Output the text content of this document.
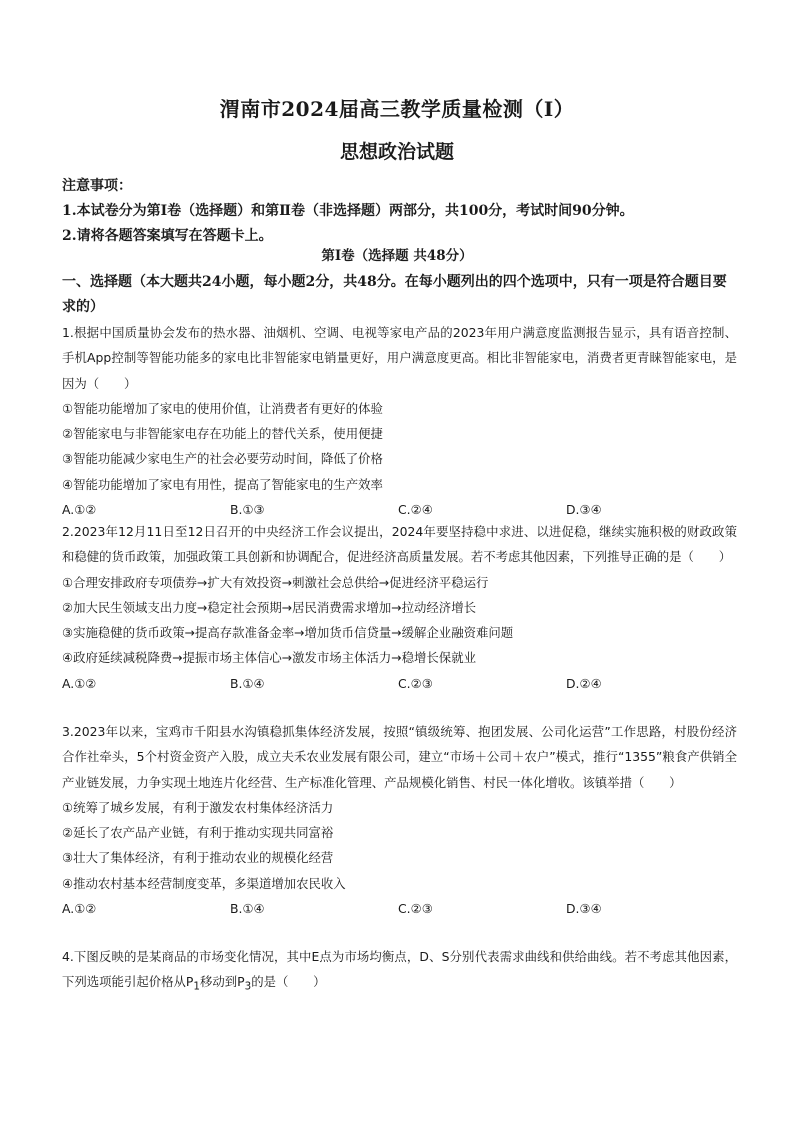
渭南市2024届高三教学质量检测（Ⅰ）
思想政治试题
注意事项：
1.本试卷分为第Ⅰ卷（选择题）和第Ⅱ卷（非选择题）两部分，共100分，考试时间90分钟。
2.请将各题答案填写在答题卡上。
第Ⅰ卷（选择题 共48分）
一、选择题（本大题共24小题，每小题2分，共48分。在每小题列出的四个选项中，只有一项是符合题目要求的）
1.根据中国质量协会发布的热水器、油烟机、空调、电视等家电产品的2023年用户满意度监测报告显示，具有语音控制、手机App控制等智能功能多的家电比非智能家电销量更好，用户满意度更高。相比非智能家电，消费者更青睐智能家电，是因为（　　）
①智能功能增加了家电的使用价值，让消费者有更好的体验
②智能家电与非智能家电存在功能上的替代关系，使用便捷
③智能功能减少家电生产的社会必要劳动时间，降低了价格
④智能功能增加了家电有用性，提高了智能家电的生产效率
A.①②	B.①③	C.②④	D.③④
2.2023年12月11日至12日召开的中央经济工作会议提出，2024年要坚持稳中求进、以进促稳，继续实施积极的财政政策和稳健的货币政策，加强政策工具创新和协调配合，促进经济高质量发展。若不考虑其他因素，下列推导正确的是（　　）
①合理安排政府专项债券→扩大有效投资→刺激社会总供给→促进经济平稳运行
②加大民生领域支出力度→稳定社会预期→居民消费需求增加→拉动经济增长
③实施稳健的货币政策→提高存款准备金率→增加货币信贷量→缓解企业融资难问题
④政府延续减税降费→提振市场主体信心→激发市场主体活力→稳增长保就业
A.①②	B.①④	C.②③	D.②④
3.2023年以来，宝鸡市千阳县水沟镇稳抓集体经济发展，按照“镇级统筹、抱团发展、公司化运营”工作思路，村股份经济合作社牵头，5个村资金资产入股，成立夫禾农业发展有限公司，建立“市场＋公司＋农户”模式，推行“1355”粮食产供销全产业链发展，力争实现土地连片化经营、生产标准化管理、产品规模化销售、村民一体化增收。该镇举措（　　）
①统筹了城乡发展，有利于激发农村集体经济活力
②延长了农产品产业链，有利于推动实现共同富裕
③壮大了集体经济，有利于推动农业的规模化经营
④推动农村基本经营制度变革，多渠道增加农民收入
A.①②	B.①④	C.②③	D.③④
4.下图反映的是某商品的市场变化情况，其中E点为市场均衡点，D、S分别代表需求曲线和供给曲线。若不考虑其他因素，下列选项能引起价格从$P_1$移动到$P_3$的是（　　）
